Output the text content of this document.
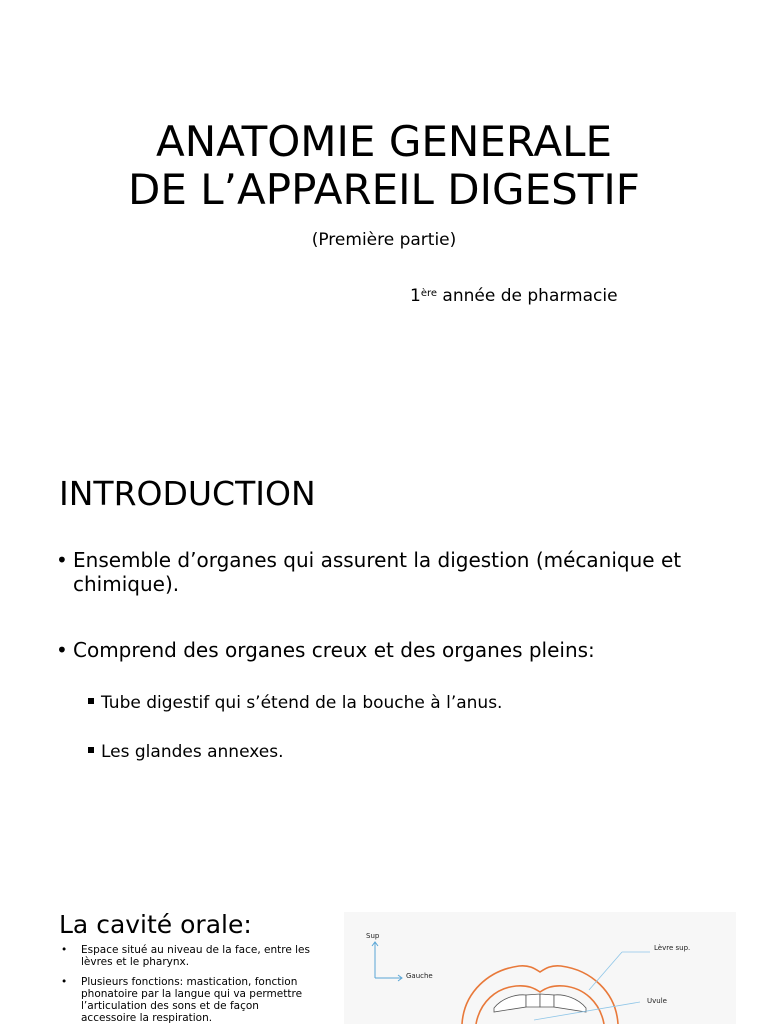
ANATOMIE GENERALE
DE L’APPAREIL DIGESTIF
(Première partie)
1ère année de pharmacie
INTRODUCTION
• Ensemble d’organes qui assurent la digestion (mécanique et chimique).
• Comprend des organes creux et des organes pleins:
Tube digestif qui s’étend de la bouche à l’anus.
Les glandes annexes.
La cavité orale:
• Espace situé au niveau de la face, entre les lèvres et le pharynx.
• Plusieurs fonctions: mastication, fonction phonatoire par la langue qui va permettre l’articulation des sons et de façon accessoire la respiration.
Sup
Gauche
Lèvre sup.
Uvule
